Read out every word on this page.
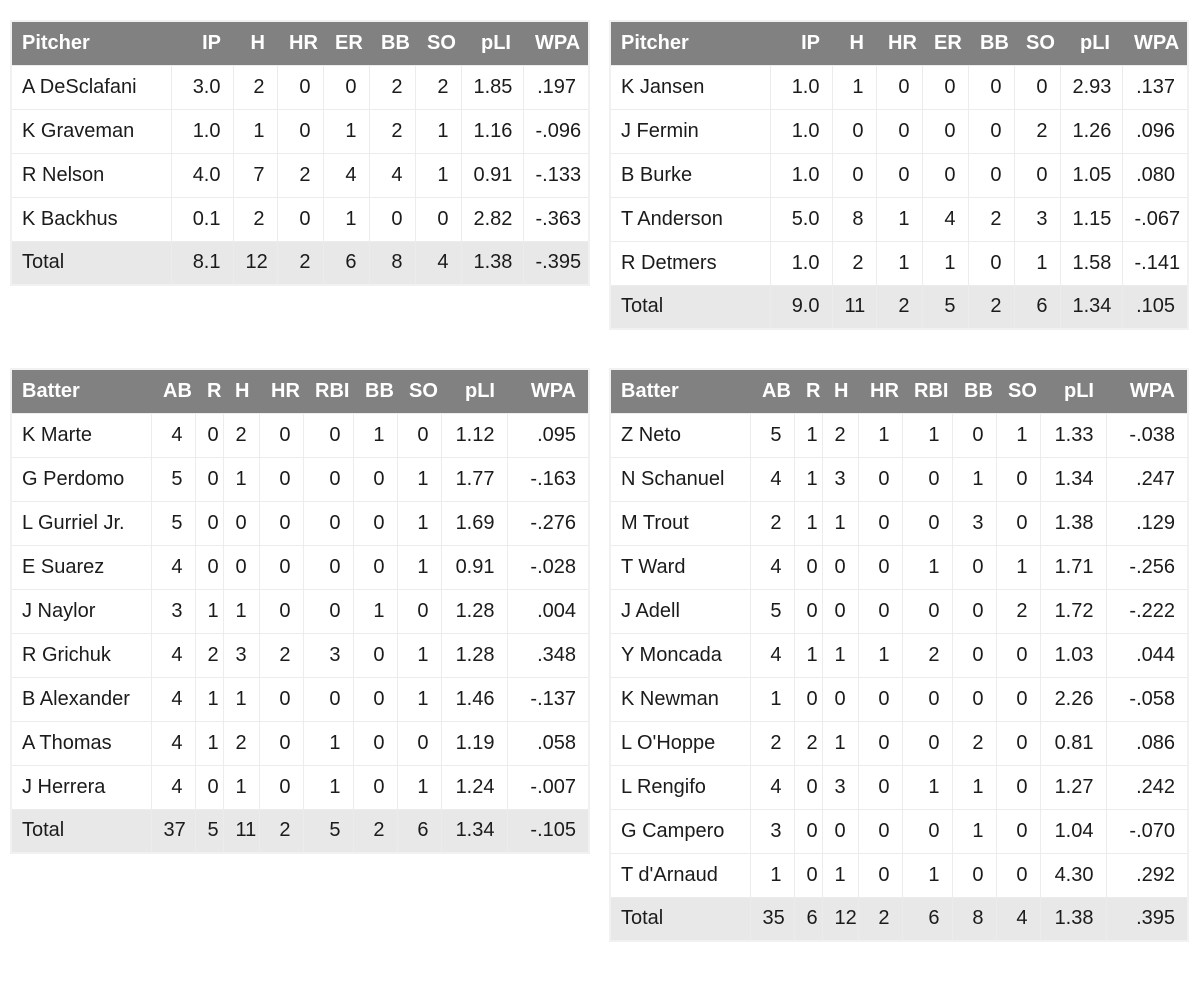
Pitcher	IP	H	HR	ER	BB	SO	pLI	WPA
A DeSclafani	3.0	2	0	0	2	2	1.85	.197
K Graveman	1.0	1	0	1	2	1	1.16	-.096
R Nelson	4.0	7	2	4	4	1	0.91	-.133
K Backhus	0.1	2	0	1	0	0	2.82	-.363
Total	8.1	12	2	6	8	4	1.38	-.395
Pitcher	IP	H	HR	ER	BB	SO	pLI	WPA
K Jansen	1.0	1	0	0	0	0	2.93	.137
J Fermin	1.0	0	0	0	0	2	1.26	.096
B Burke	1.0	0	0	0	0	0	1.05	.080
T Anderson	5.0	8	1	4	2	3	1.15	-.067
R Detmers	1.0	2	1	1	0	1	1.58	-.141
Total	9.0	11	2	5	2	6	1.34	.105
Batter	AB	R	H	HR	RBI	BB	SO	pLI	WPA
K Marte	4	0	2	0	0	1	0	1.12	.095
G Perdomo	5	0	1	0	0	0	1	1.77	-.163
L Gurriel Jr.	5	0	0	0	0	0	1	1.69	-.276
E Suarez	4	0	0	0	0	0	1	0.91	-.028
J Naylor	3	1	1	0	0	1	0	1.28	.004
R Grichuk	4	2	3	2	3	0	1	1.28	.348
B Alexander	4	1	1	0	0	0	1	1.46	-.137
A Thomas	4	1	2	0	1	0	0	1.19	.058
J Herrera	4	0	1	0	1	0	1	1.24	-.007
Total	37	5	11	2	5	2	6	1.34	-.105
Batter	AB	R	H	HR	RBI	BB	SO	pLI	WPA
Z Neto	5	1	2	1	1	0	1	1.33	-.038
N Schanuel	4	1	3	0	0	1	0	1.34	.247
M Trout	2	1	1	0	0	3	0	1.38	.129
T Ward	4	0	0	0	1	0	1	1.71	-.256
J Adell	5	0	0	0	0	0	2	1.72	-.222
Y Moncada	4	1	1	1	2	0	0	1.03	.044
K Newman	1	0	0	0	0	0	0	2.26	-.058
L O'Hoppe	2	2	1	0	0	2	0	0.81	.086
L Rengifo	4	0	3	0	1	1	0	1.27	.242
G Campero	3	0	0	0	0	1	0	1.04	-.070
T d'Arnaud	1	0	1	0	1	0	0	4.30	.292
Total	35	6	12	2	6	8	4	1.38	.395
